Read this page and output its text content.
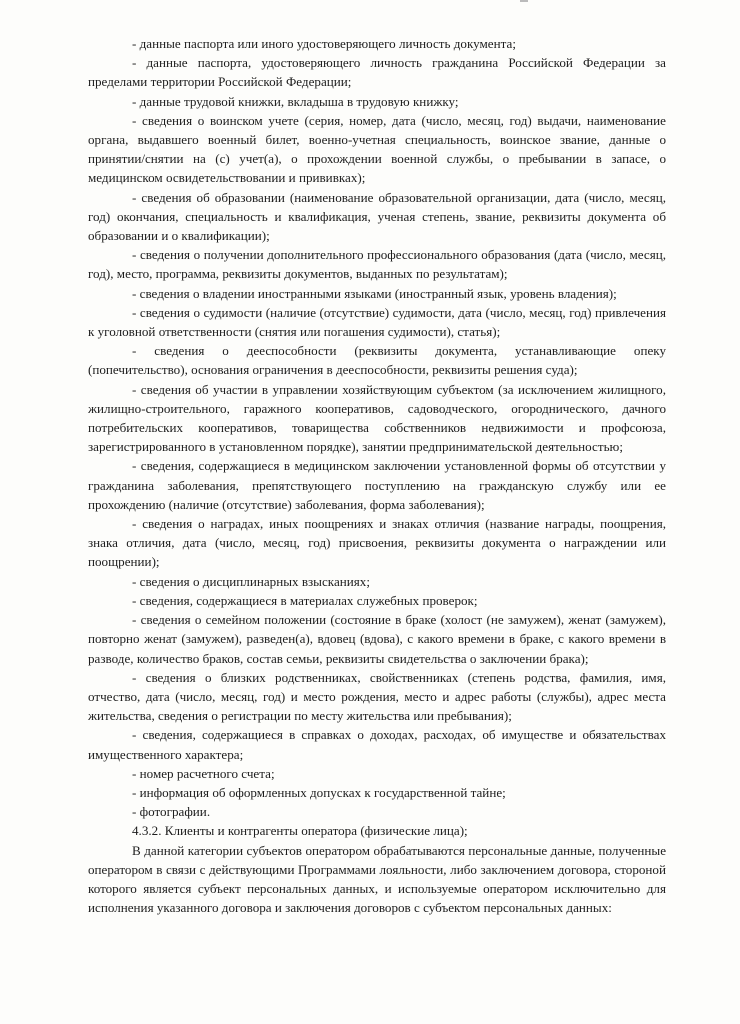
- данные паспорта или иного удостоверяющего личность документа;

- данные паспорта, удостоверяющего личность гражданина Российской Федерации за пределами территории Российской Федерации;

- данные трудовой книжки, вкладыша в трудовую книжку;

- сведения о воинском учете (серия, номер, дата (число, месяц, год) выдачи, наименование органа, выдавшего военный билет, военно-учетная специальность, воинское звание, данные о принятии/снятии на (с) учет(а), о прохождении военной службы, о пребывании в запасе, о медицинском освидетельствовании и прививках);

- сведения об образовании (наименование образовательной организации, дата (число, месяц, год) окончания, специальность и квалификация, ученая степень, звание, реквизиты документа об образовании и о квалификации);

- сведения о получении дополнительного профессионального образования (дата (число, месяц, год), место, программа, реквизиты документов, выданных по результатам);

- сведения о владении иностранными языками (иностранный язык, уровень владения);

- сведения о судимости (наличие (отсутствие) судимости, дата (число, месяц, год) привлечения к уголовной ответственности (снятия или погашения судимости), статья);

- сведения о дееспособности (реквизиты документа, устанавливающие опеку (попечительство), основания ограничения в дееспособности, реквизиты решения суда);

- сведения об участии в управлении хозяйствующим субъектом (за исключением жилищного, жилищно-строительного, гаражного кооперативов, садоводческого, огороднического, дачного потребительских кооперативов, товарищества собственников недвижимости и профсоюза, зарегистрированного в установленном порядке), занятии предпринимательской деятельностью;

- сведения, содержащиеся в медицинском заключении установленной формы об отсутствии у гражданина заболевания, препятствующего поступлению на гражданскую службу или ее прохождению (наличие (отсутствие) заболевания, форма заболевания);

- сведения о наградах, иных поощрениях и знаках отличия (название награды, поощрения, знака отличия, дата (число, месяц, год) присвоения, реквизиты документа о награждении или поощрении);

- сведения о дисциплинарных взысканиях;

- сведения, содержащиеся в материалах служебных проверок;

- сведения о семейном положении (состояние в браке (холост (не замужем), женат (замужем), повторно женат (замужем), разведен(а), вдовец (вдова), с какого времени в браке, с какого времени в разводе, количество браков, состав семьи, реквизиты свидетельства о заключении брака);

- сведения о близких родственниках, свойственниках (степень родства, фамилия, имя, отчество, дата (число, месяц, год) и место рождения, место и адрес работы (службы), адрес места жительства, сведения о регистрации по месту жительства или пребывания);

- сведения, содержащиеся в справках о доходах, расходах, об имуществе и обязательствах имущественного характера;

- номер расчетного счета;

- информация об оформленных допусках к государственной тайне;

- фотографии.

4.3.2. Клиенты и контрагенты оператора (физические лица);

В данной категории субъектов оператором обрабатываются персональные данные, полученные оператором в связи с действующими Программами лояльности, либо заключением договора, стороной которого является субъект персональных данных, и используемые оператором исключительно для исполнения указанного договора и заключения договоров с субъектом персональных данных:
